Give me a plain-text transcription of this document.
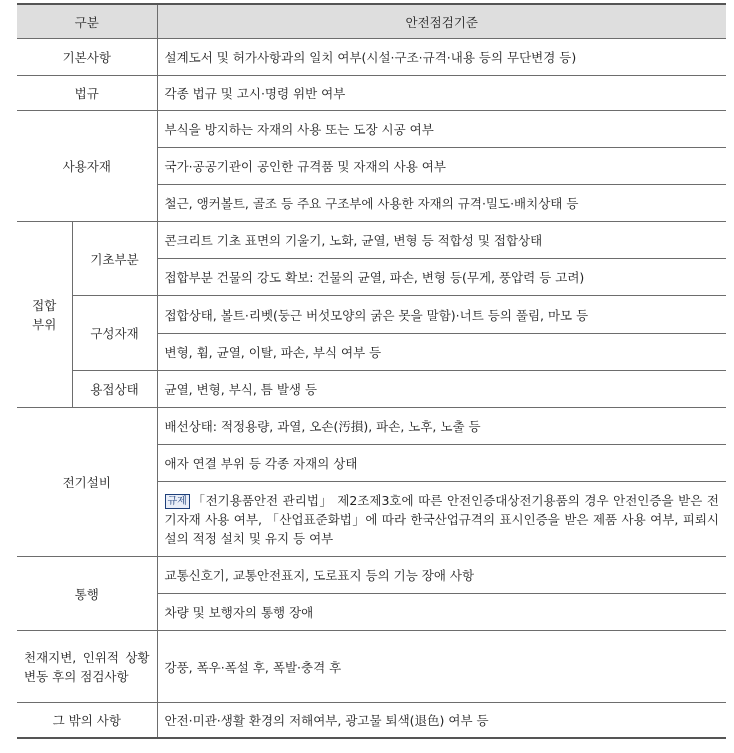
구분		안전점검기준
기본사항		설계도서 및 허가사항과의 일치 여부(시설·구조·규격·내용 등의 무단변경 등)
법규		각종 법규 및 고시·명령 위반 여부
사용자재		부식을 방지하는 자재의 사용 또는 도장 시공 여부
		국가·공공기관이 공인한 규격품 및 자재의 사용 여부
		철근, 앵커볼트, 골조 등 주요 구조부에 사용한 자재의 규격·밀도·배치상태 등
접합부위	기초부분	콘크리트 기초 표면의 기울기, 노화, 균열, 변형 등 적합성 및 접합상태
		접합부분 건물의 강도 확보: 건물의 균열, 파손, 변형 등(무게, 풍압력 등 고려)
	구성자재	접합상태, 볼트·리벳(둥근 버섯모양의 굵은 못을 말함)·너트 등의 풀림, 마모 등
		변형, 휨, 균열, 이탈, 파손, 부식 여부 등
	용접상태	균열, 변형, 부식, 틈 발생 등
전기설비		배선상태: 적정용량, 과열, 오손(汚損), 파손, 노후, 노출 등
		애자 연결 부위 등 각종 자재의 상태
		규제 「전기용품안전 관리법」 제2조제3호에 따른 안전인증대상전기용품의 경우 안전인증을 받은 전기자재 사용 여부, 「산업표준화법」에 따라 한국산업규격의 표시인증을 받은 제품 사용 여부, 피뢰시설의 적정 설치 및 유지 등 여부
통행		교통신호기, 교통안전표지, 도로표지 등의 기능 장애 사항
		차량 및 보행자의 통행 장애
천재지변, 인위적 상황 변동 후의 점검사항		강풍, 폭우·폭설 후, 폭발·충격 후
그 밖의 사항		안전·미관·생활 환경의 저해여부, 광고물 퇴색(退色) 여부 등
